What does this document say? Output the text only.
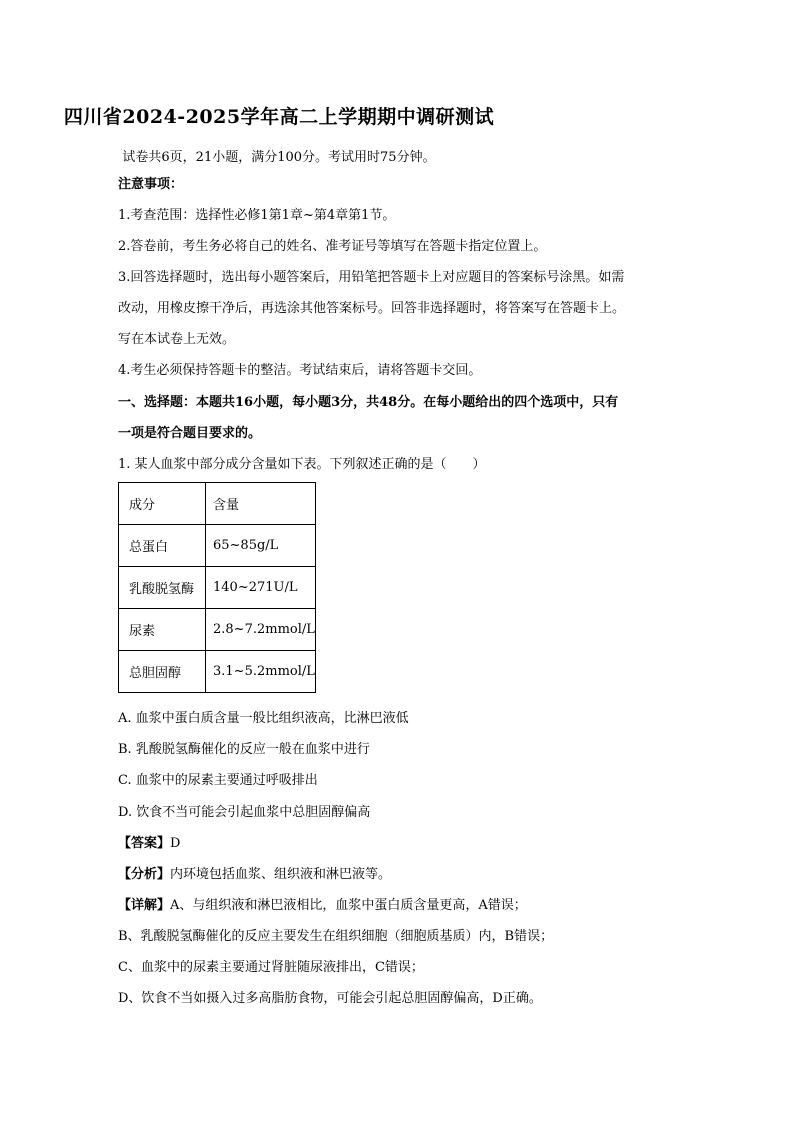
四川省2024-2025学年高二上学期期中调研测试
试卷共6页，21小题，满分100分。考试用时75分钟。
注意事项：
1.考查范围：选择性必修1第1章~第4章第1节。
2.答卷前，考生务必将自己的姓名、准考证号等填写在答题卡指定位置上。
3.回答选择题时，选出每小题答案后，用铅笔把答题卡上对应题目的答案标号涂黑。如需
改动，用橡皮擦干净后，再选涂其他答案标号。回答非选择题时，将答案写在答题卡上。
写在本试卷上无效。
4.考生必须保持答题卡的整洁。考试结束后，请将答题卡交回。
一、选择题：本题共16小题，每小题3分，共48分。在每小题给出的四个选项中，只有
一项是符合题目要求的。
1. 某人血浆中部分成分含量如下表。下列叙述正确的是（　　）
成分	含量
总蛋白	65~85g/L
乳酸脱氢酶	140~271U/L
尿素	2.8~7.2mmol/L
总胆固醇	3.1~5.2mmol/L
A. 血浆中蛋白质含量一般比组织液高，比淋巴液低
B. 乳酸脱氢酶催化的反应一般在血浆中进行
C. 血浆中的尿素主要通过呼吸排出
D. 饮食不当可能会引起血浆中总胆固醇偏高
【答案】D
【分析】内环境包括血浆、组织液和淋巴液等。
【详解】A、与组织液和淋巴液相比，血浆中蛋白质含量更高，A错误；
B、乳酸脱氢酶催化的反应主要发生在组织细胞（细胞质基质）内，B错误；
C、血浆中的尿素主要通过肾脏随尿液排出，C错误；
D、饮食不当如摄入过多高脂肪食物，可能会引起总胆固醇偏高，D正确。
